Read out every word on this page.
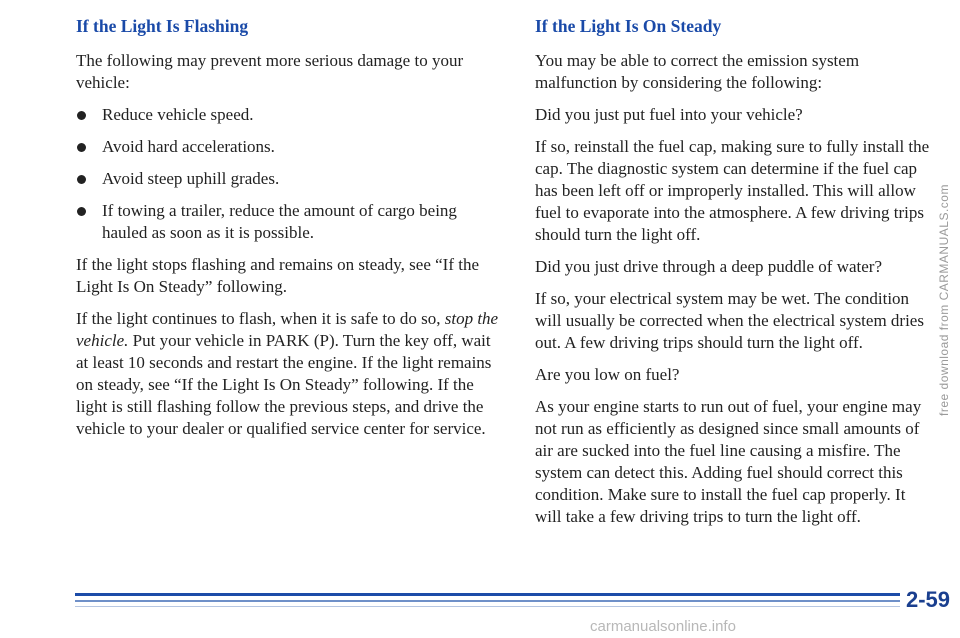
If the Light Is Flashing

The following may prevent more serious damage to your vehicle:

Reduce vehicle speed.
Avoid hard accelerations.
Avoid steep uphill grades.
If towing a trailer, reduce the amount of cargo being hauled as soon as it is possible.

If the light stops flashing and remains on steady, see “If the Light Is On Steady” following.

If the light continues to flash, when it is safe to do so, stop the vehicle. Put your vehicle in PARK (P). Turn the key off, wait at least 10 seconds and restart the engine. If the light remains on steady, see “If the Light Is On Steady” following. If the light is still flashing follow the previous steps, and drive the vehicle to your dealer or qualified service center for service.

If the Light Is On Steady

You may be able to correct the emission system malfunction by considering the following:

Did you just put fuel into your vehicle?

If so, reinstall the fuel cap, making sure to fully install the cap. The diagnostic system can determine if the fuel cap has been left off or improperly installed. This will allow fuel to evaporate into the atmosphere. A few driving trips should turn the light off.

Did you just drive through a deep puddle of water?

If so, your electrical system may be wet. The condition will usually be corrected when the electrical system dries out. A few driving trips should turn the light off.

Are you low on fuel?

As your engine starts to run out of fuel, your engine may not run as efficiently as designed since small amounts of air are sucked into the fuel line causing a misfire. The system can detect this. Adding fuel should correct this condition. Make sure to install the fuel cap properly. It will take a few driving trips to turn the light off.

2-59
free download from CARMANUALS.com
carmanualsonline.info
